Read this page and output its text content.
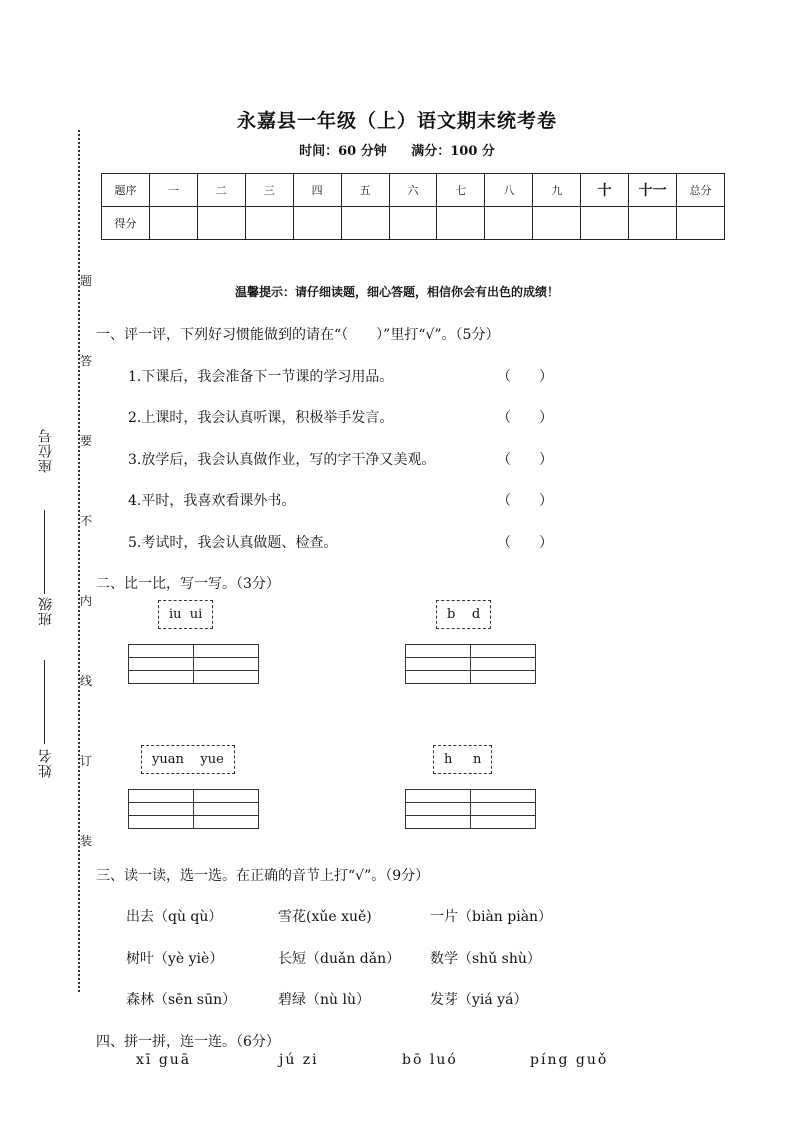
永嘉县一年级（上）语文期末统考卷
时间：60 分钟 满分：100 分
题序	一	二	三	四	五	六	七	八	九	十	十一	总分
得分												
题
答
要
不
内
线
订
装
座位号
班级
姓名
温馨提示：请仔细读题，细心答题，相信你会有出色的成绩！
一、评一评，下列好习惯能做到的请在“（　　）”里打“√”。（5分）
1.下课后，我会准备下一节课的学习用品。	（　　）
2.上课时，我会认真听课，积极举手发言。	（　　）
3.放学后，我会认真做作业，写的字干净又美观。	（　　）
4.平时，我喜欢看课外书。	（　　）
5.考试时，我会认真做题、检查。	（　　）
二、比一比，写一写。（3分）
iu  ui

		b    d

yuan    yue

		h     n

三、读一读，选一选。在正确的音节上打“√”。（9分）
出去（qù qù）	雪花(xǔe xuě)	一片（biàn piàn）
树叶（yè yiè）	长短（duǎn dǎn） 数学（shǔ shù）
森林（sēn sūn）	碧绿（nù lù）	发芽（yiá yá）
四、拼一拼，连一连。（6分）
xī guā	jú zi	bō luó	píng guǒ
